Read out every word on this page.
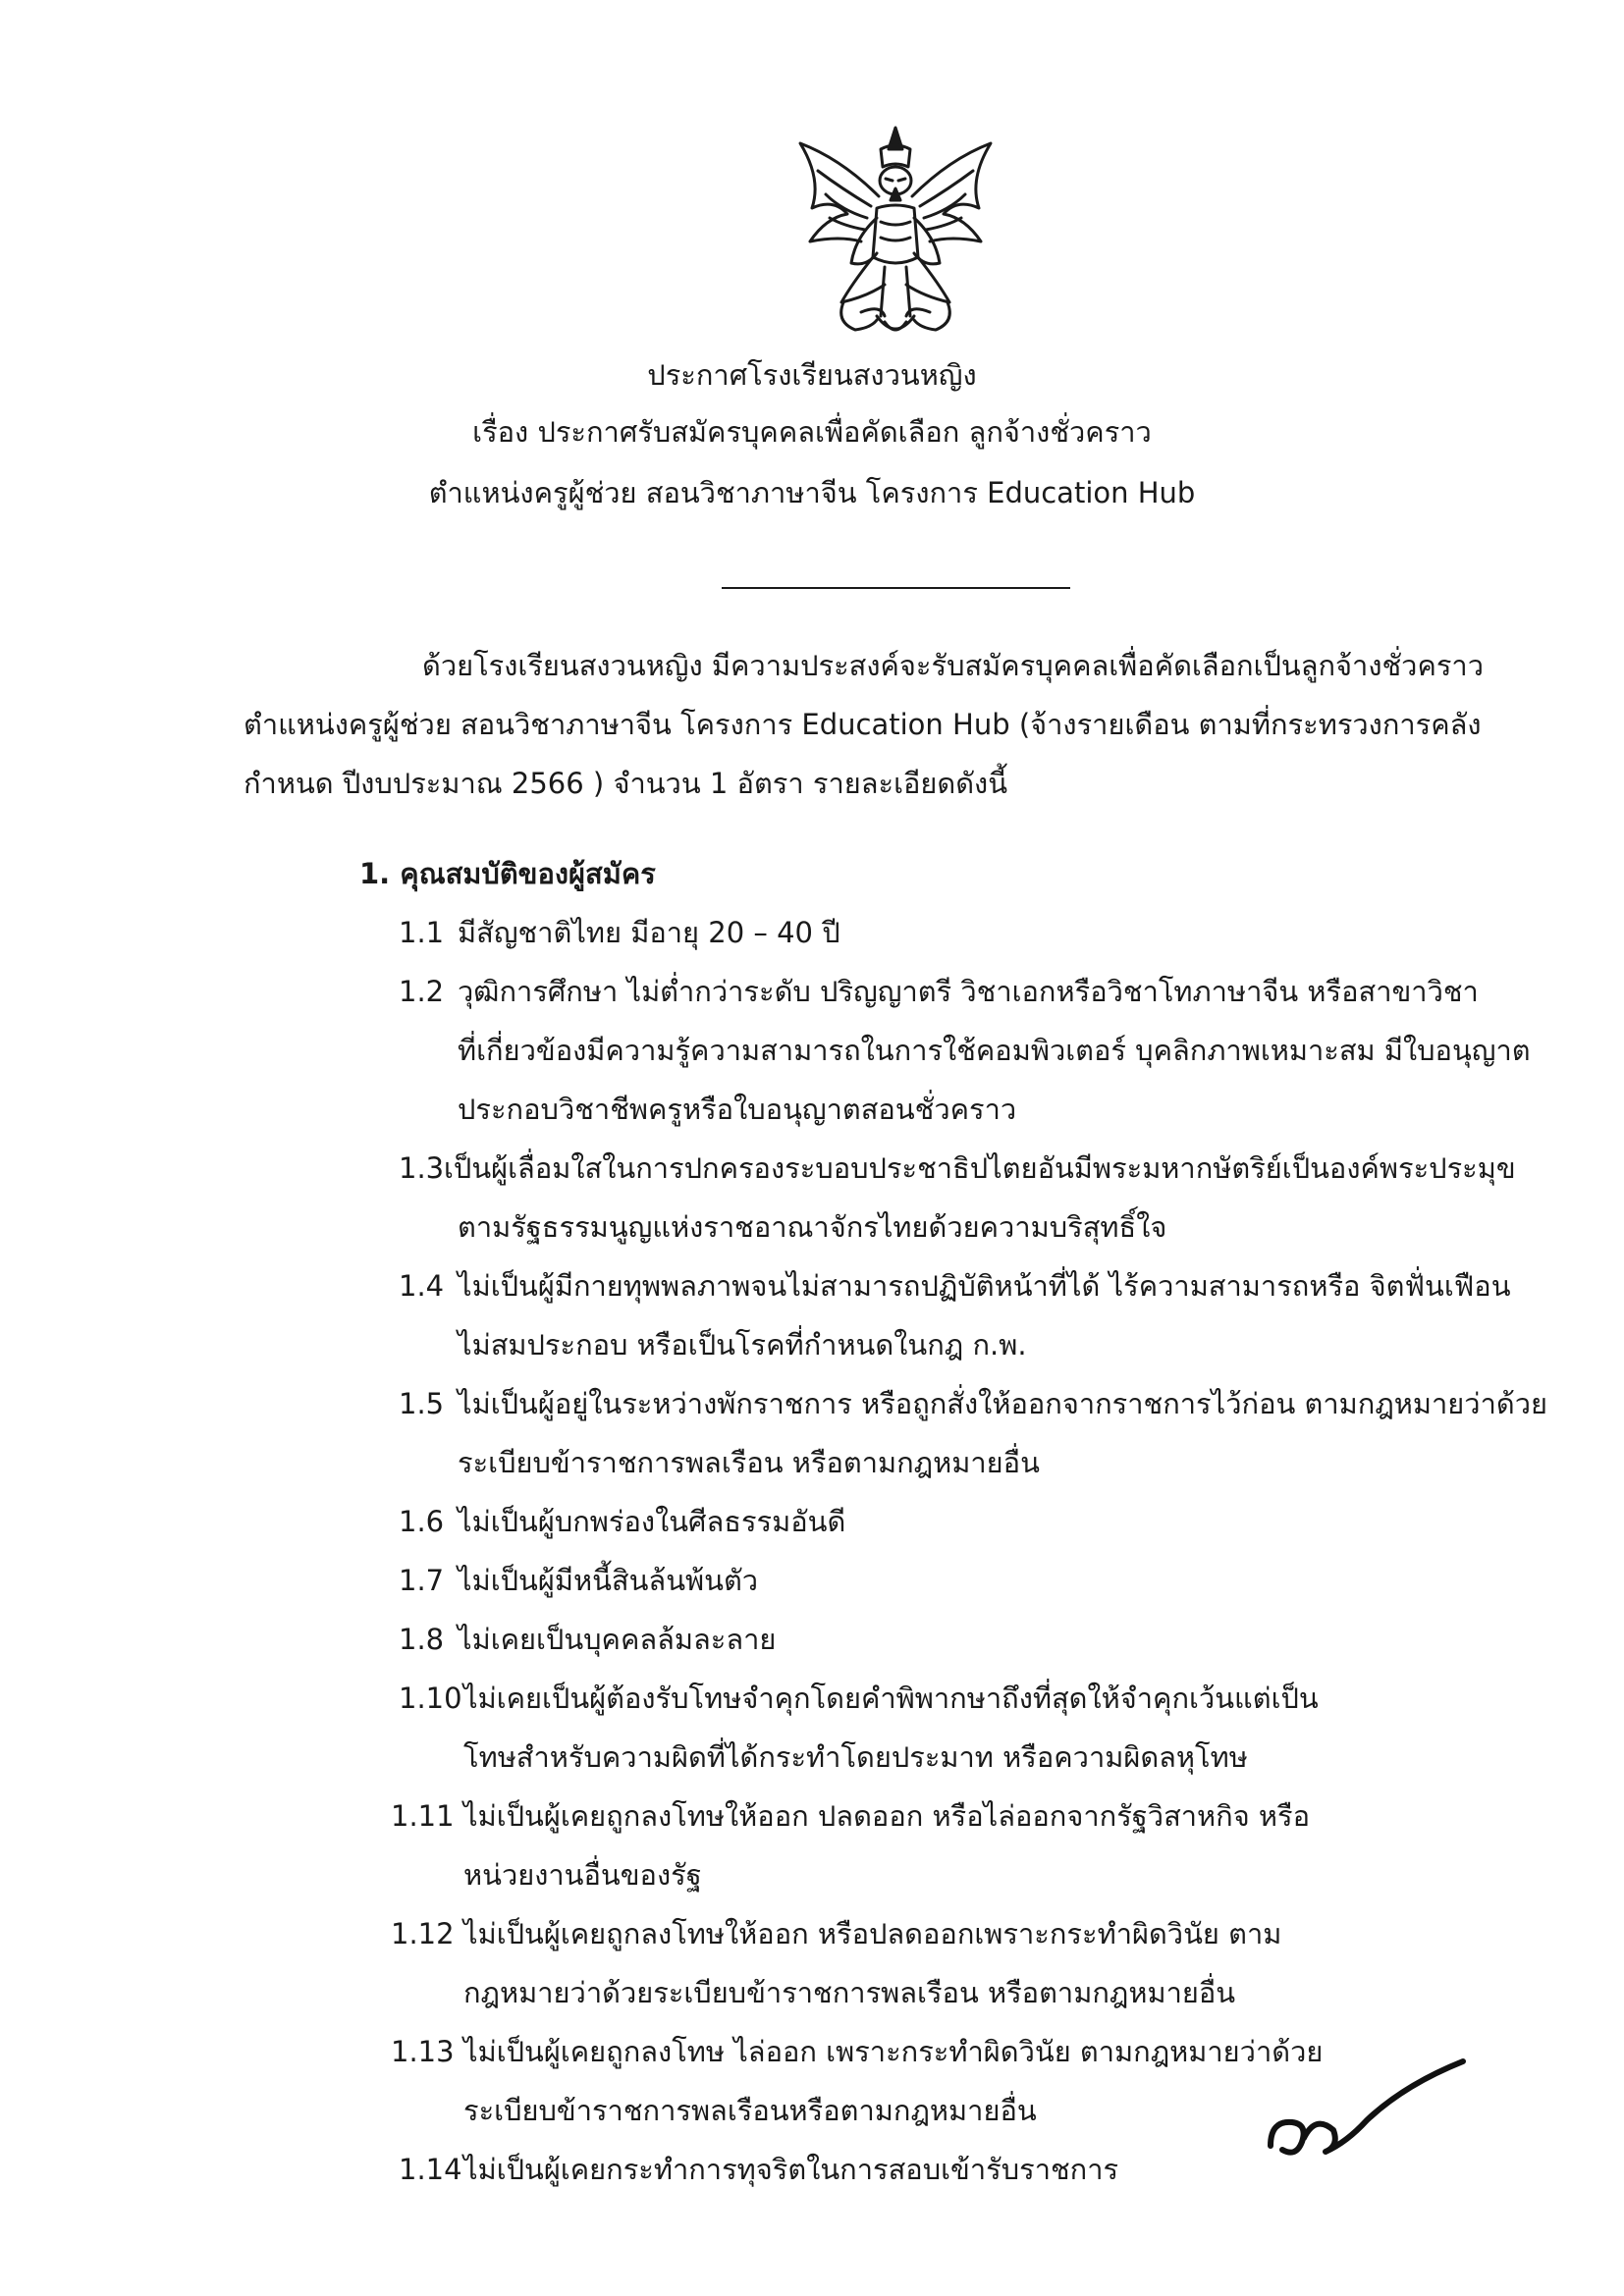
ประกาศโรงเรียนสงวนหญิง
เรื่อง ประกาศรับสมัครบุคคลเพื่อคัดเลือก ลูกจ้างชั่วคราว
ตำแหน่งครูผู้ช่วย สอนวิชาภาษาจีน โครงการ Education Hub
ด้วยโรงเรียนสงวนหญิง มีความประสงค์จะรับสมัครบุคคลเพื่อคัดเลือกเป็นลูกจ้างชั่วคราว
ตำแหน่งครูผู้ช่วย สอนวิชาภาษาจีน โครงการ Education Hub (จ้างรายเดือน ตามที่กระทรวงการคลัง
กำหนด ปีงบประมาณ 2566 ) จำนวน 1 อัตรา รายละเอียดดังนี้
1. คุณสมบัติของผู้สมัคร
1.1 มีสัญชาติไทย มีอายุ 20 – 40 ปี
1.2 วุฒิการศึกษา ไม่ต่ำกว่าระดับ ปริญญาตรี วิชาเอกหรือวิชาโทภาษาจีน หรือสาขาวิชา
ที่เกี่ยวข้องมีความรู้ความสามารถในการใช้คอมพิวเตอร์ บุคลิกภาพเหมาะสม มีใบอนุญาต
ประกอบวิชาชีพครูหรือใบอนุญาตสอนชั่วคราว
1.3 เป็นผู้เลื่อมใสในการปกครองระบอบประชาธิปไตยอันมีพระมหากษัตริย์เป็นองค์พระประมุข
ตามรัฐธรรมนูญแห่งราชอาณาจักรไทยด้วยความบริสุทธิ์ใจ
1.4 ไม่เป็นผู้มีกายทุพพลภาพจนไม่สามารถปฏิบัติหน้าที่ได้ ไร้ความสามารถหรือ จิตฟั่นเฟือน
ไม่สมประกอบ หรือเป็นโรคที่กำหนดในกฎ ก.พ.
1.5 ไม่เป็นผู้อยู่ในระหว่างพักราชการ หรือถูกสั่งให้ออกจากราชการไว้ก่อน ตามกฎหมายว่าด้วย
ระเบียบข้าราชการพลเรือน หรือตามกฎหมายอื่น
1.6 ไม่เป็นผู้บกพร่องในศีลธรรมอันดี
1.7 ไม่เป็นผู้มีหนี้สินล้นพ้นตัว
1.8 ไม่เคยเป็นบุคคลล้มละลาย
1.10 ไม่เคยเป็นผู้ต้องรับโทษจำคุกโดยคำพิพากษาถึงที่สุดให้จำคุกเว้นแต่เป็น
โทษสำหรับความผิดที่ได้กระทำโดยประมาท หรือความผิดลหุโทษ
1.11 ไม่เป็นผู้เคยถูกลงโทษให้ออก ปลดออก หรือไล่ออกจากรัฐวิสาหกิจ หรือ
หน่วยงานอื่นของรัฐ
1.12 ไม่เป็นผู้เคยถูกลงโทษให้ออก หรือปลดออกเพราะกระทำผิดวินัย ตาม
กฎหมายว่าด้วยระเบียบข้าราชการพลเรือน หรือตามกฎหมายอื่น
1.13 ไม่เป็นผู้เคยถูกลงโทษ ไล่ออก เพราะกระทำผิดวินัย ตามกฎหมายว่าด้วย
ระเบียบข้าราชการพลเรือนหรือตามกฎหมายอื่น
1.14 ไม่เป็นผู้เคยกระทำการทุจริตในการสอบเข้ารับราชการ
